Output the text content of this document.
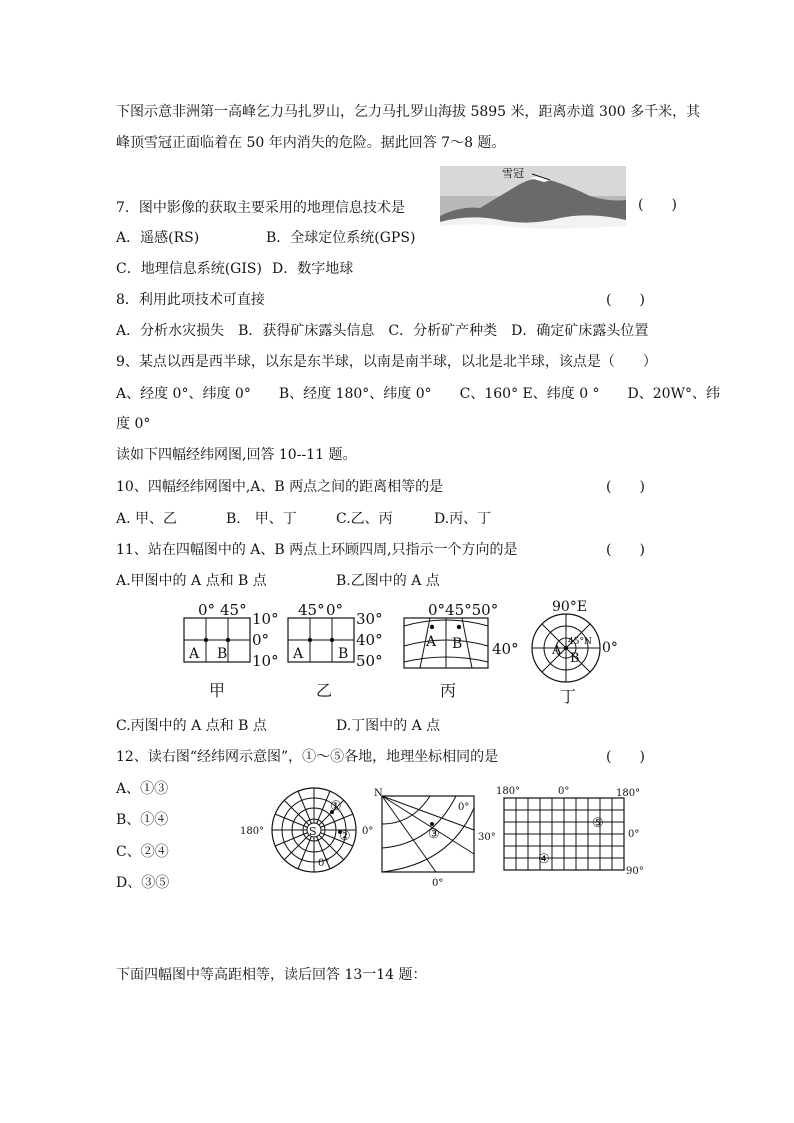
下图示意非洲第一高峰乞力马扎罗山，乞力马扎罗山海拔 5895 米，距离赤道 300 多千米，其
峰顶雪冠正面临着在 50 年内消失的危险。据此回答 7～8 题。
雪冠
7．图中影像的获取主要采用的地理信息技术是	(　　)
A．遥感(RS)	B．全球定位系统(GPS)
C．地理信息系统(GIS) D．数字地球
8．利用此项技术可直接	(　　)
A．分析水灾损失　B．获得矿床露头信息　C．分析矿产种类　D．确定矿床露头位置
9、某点以西是西半球，以东是东半球，以南是南半球，以北是北半球，该点是（　　）
A、经度 0°、纬度 0°　　B、经度 180°、纬度 0°　　C、160° E、纬度 0 °　　D、20W°、纬
度 0°
读如下四幅经纬网图,回答 10--11 题。
10、四幅经纬网图中,A、B 两点之间的距离相等的是	(　　)
A. 甲、乙	B.　甲、丁	C.乙、丙	D.丙、丁
11、站在四幅图中的 A、B 两点上环顾四周,只指示一个方向的是	(　　)
A.甲图中的 A 点和 B 点	B.乙图中的 A 点
0° 45° 10°
0°
10°
A B
甲
45° 0° 30°
40°
50°
A B
乙
0°45°50°
40°
A B
丙
90°E
45°N 0°
A
B
丁
C.丙图中的 A 点和 B 点	D.丁图中的 A 点
12、读右图“经纬网示意图”，①～⑤各地，地理坐标相同的是	(　　)
A、①③
B、①④
C、②④
D、③⑤
S
180°	0°
0°
①
②
N
0°
30°
0°
③
180°	0°	180°
0°
90°
④
⑤
下面四幅图中等高距相等，读后回答 13一14 题：
